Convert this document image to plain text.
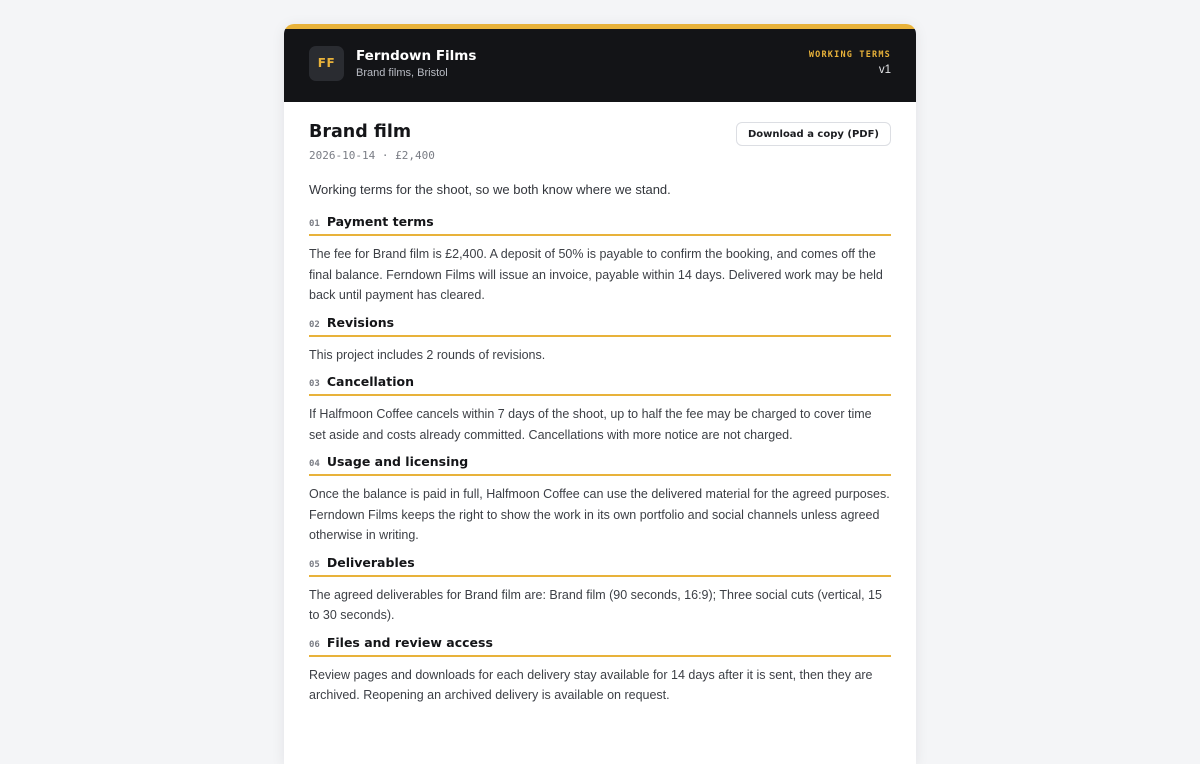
FF	Ferndown Films
Brand films, Bristol
WORKING TERMS
v1
Brand film
2026-10-14 · £2,400
Download a copy (PDF)
Working terms for the shoot, so we both know where we stand.
01 Payment terms

The fee for Brand film is £2,400. A deposit of 50% is payable to confirm the booking, and comes off the final balance. Ferndown Films will issue an invoice, payable within 14 days. Delivered work may be held back until payment has cleared.

02 Revisions

This project includes 2 rounds of revisions.

03 Cancellation

If Halfmoon Coffee cancels within 7 days of the shoot, up to half the fee may be charged to cover time set aside and costs already committed. Cancellations with more notice are not charged.

04 Usage and licensing

Once the balance is paid in full, Halfmoon Coffee can use the delivered material for the agreed purposes. Ferndown Films keeps the right to show the work in its own portfolio and social channels unless agreed otherwise in writing.

05 Deliverables

The agreed deliverables for Brand film are: Brand film (90 seconds, 16:9); Three social cuts (vertical, 15 to 30 seconds).

06 Files and review access

Review pages and downloads for each delivery stay available for 14 days after it is sent, then they are archived. Reopening an archived delivery is available on request.
